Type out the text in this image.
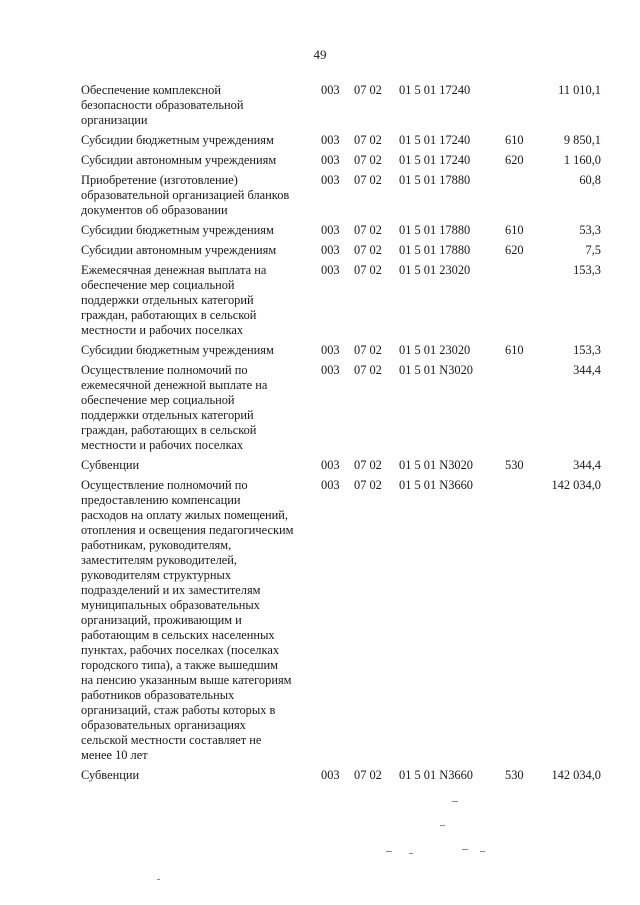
49
Обеспечение комплексной
безопасности образовательной
организации
003 07 02 01 5 01 17240	11 010,1
Субсидии бюджетным учреждениям	003 07 02 01 5 01 17240	610	9 850,1
Субсидии автономным учреждениям	003 07 02 01 5 01 17240	620	1 160,0
Приобретение (изготовление)
образовательной организацией бланков
документов об образовании
003 07 02 01 5 01 17880	60,8
Субсидии бюджетным учреждениям	003 07 02 01 5 01 17880	610	53,3
Субсидии автономным учреждениям	003 07 02 01 5 01 17880	620	7,5
Ежемесячная денежная выплата на
обеспечение мер социальной
поддержки отдельных категорий
граждан, работающих в сельской
местности и рабочих поселках
003 07 02 01 5 01 23020	153,3
Субсидии бюджетным учреждениям	003 07 02 01 5 01 23020	610	153,3
Осуществление полномочий по
ежемесячной денежной выплате на
обеспечение мер социальной
поддержки отдельных категорий
граждан, работающих в сельской
местности и рабочих поселках
003 07 02 01 5 01 N3020	344,4
Субвенции	003 07 02 01 5 01 N3020	530	344,4
Осуществление полномочий по
предоставлению компенсации
расходов на оплату жилых помещений,
отопления и освещения педагогическим
работникам, руководителям,
заместителям руководителей,
руководителям структурных
подразделений и их заместителям
муниципальных образовательных
организаций, проживающим и
работающим в сельских населенных
пунктах, рабочих поселках (поселках
городского типа), а также вышедшим
на пенсию указанным выше категориям
работников образовательных
организаций, стаж работы которых в
образовательных организациях
сельской местности составляет не
менее 10 лет
003 07 02 01 5 01 N3660	142 034,0
Субвенции	003 07 02 01 5 01 N3660	530 142 034,0
